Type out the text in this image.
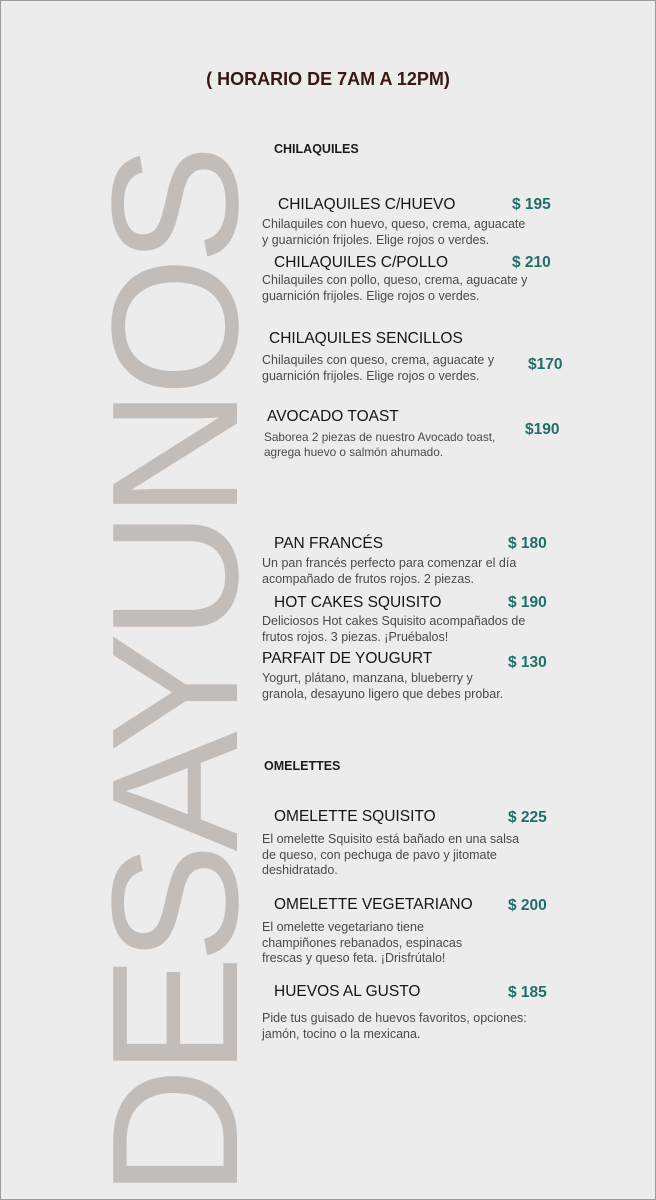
( HORARIO DE 7AM A 12PM)
DESAYUNOS
CHILAQUILES
CHILAQUILES C/HUEVO	$ 195
Chilaquiles con huevo, queso, crema, aguacate
y guarnición frijoles. Elige rojos o verdes.
CHILAQUILES C/POLLO	$ 210
Chilaquiles con pollo, queso, crema, aguacate y
guarnición frijoles. Elige rojos o verdes.
CHILAQUILES SENCILLOS
$170
Chilaquiles con queso, crema, aguacate y
guarnición frijoles. Elige rojos o verdes.
AVOCADO TOAST
$190
Saborea 2 piezas de nuestro Avocado toast,
agrega huevo o salmón ahumado.
PAN FRANCÉS	$ 180
Un pan francés perfecto para comenzar el día
acompañado de frutos rojos. 2 piezas.
HOT CAKES SQUISITO	$ 190
Deliciosos Hot cakes Squisito acompañados de
frutos rojos. 3 piezas. ¡Pruébalos!
PARFAIT DE YOUGURT	$ 130
Yogurt, plátano, manzana, blueberry y
granola, desayuno ligero que debes probar.
OMELETTES
OMELETTE SQUISITO	$ 225
El omelette Squisito está bañado en una salsa
de queso, con pechuga de pavo y jitomate
deshidratado.
OMELETTE VEGETARIANO $ 200
El omelette vegetariano tiene
champiñones rebanados, espinacas
frescas y queso feta. ¡Drisfrútalo!
HUEVOS AL GUSTO	$ 185
Pide tus guisado de huevos favoritos, opciones:
jamón, tocino o la mexicana.
